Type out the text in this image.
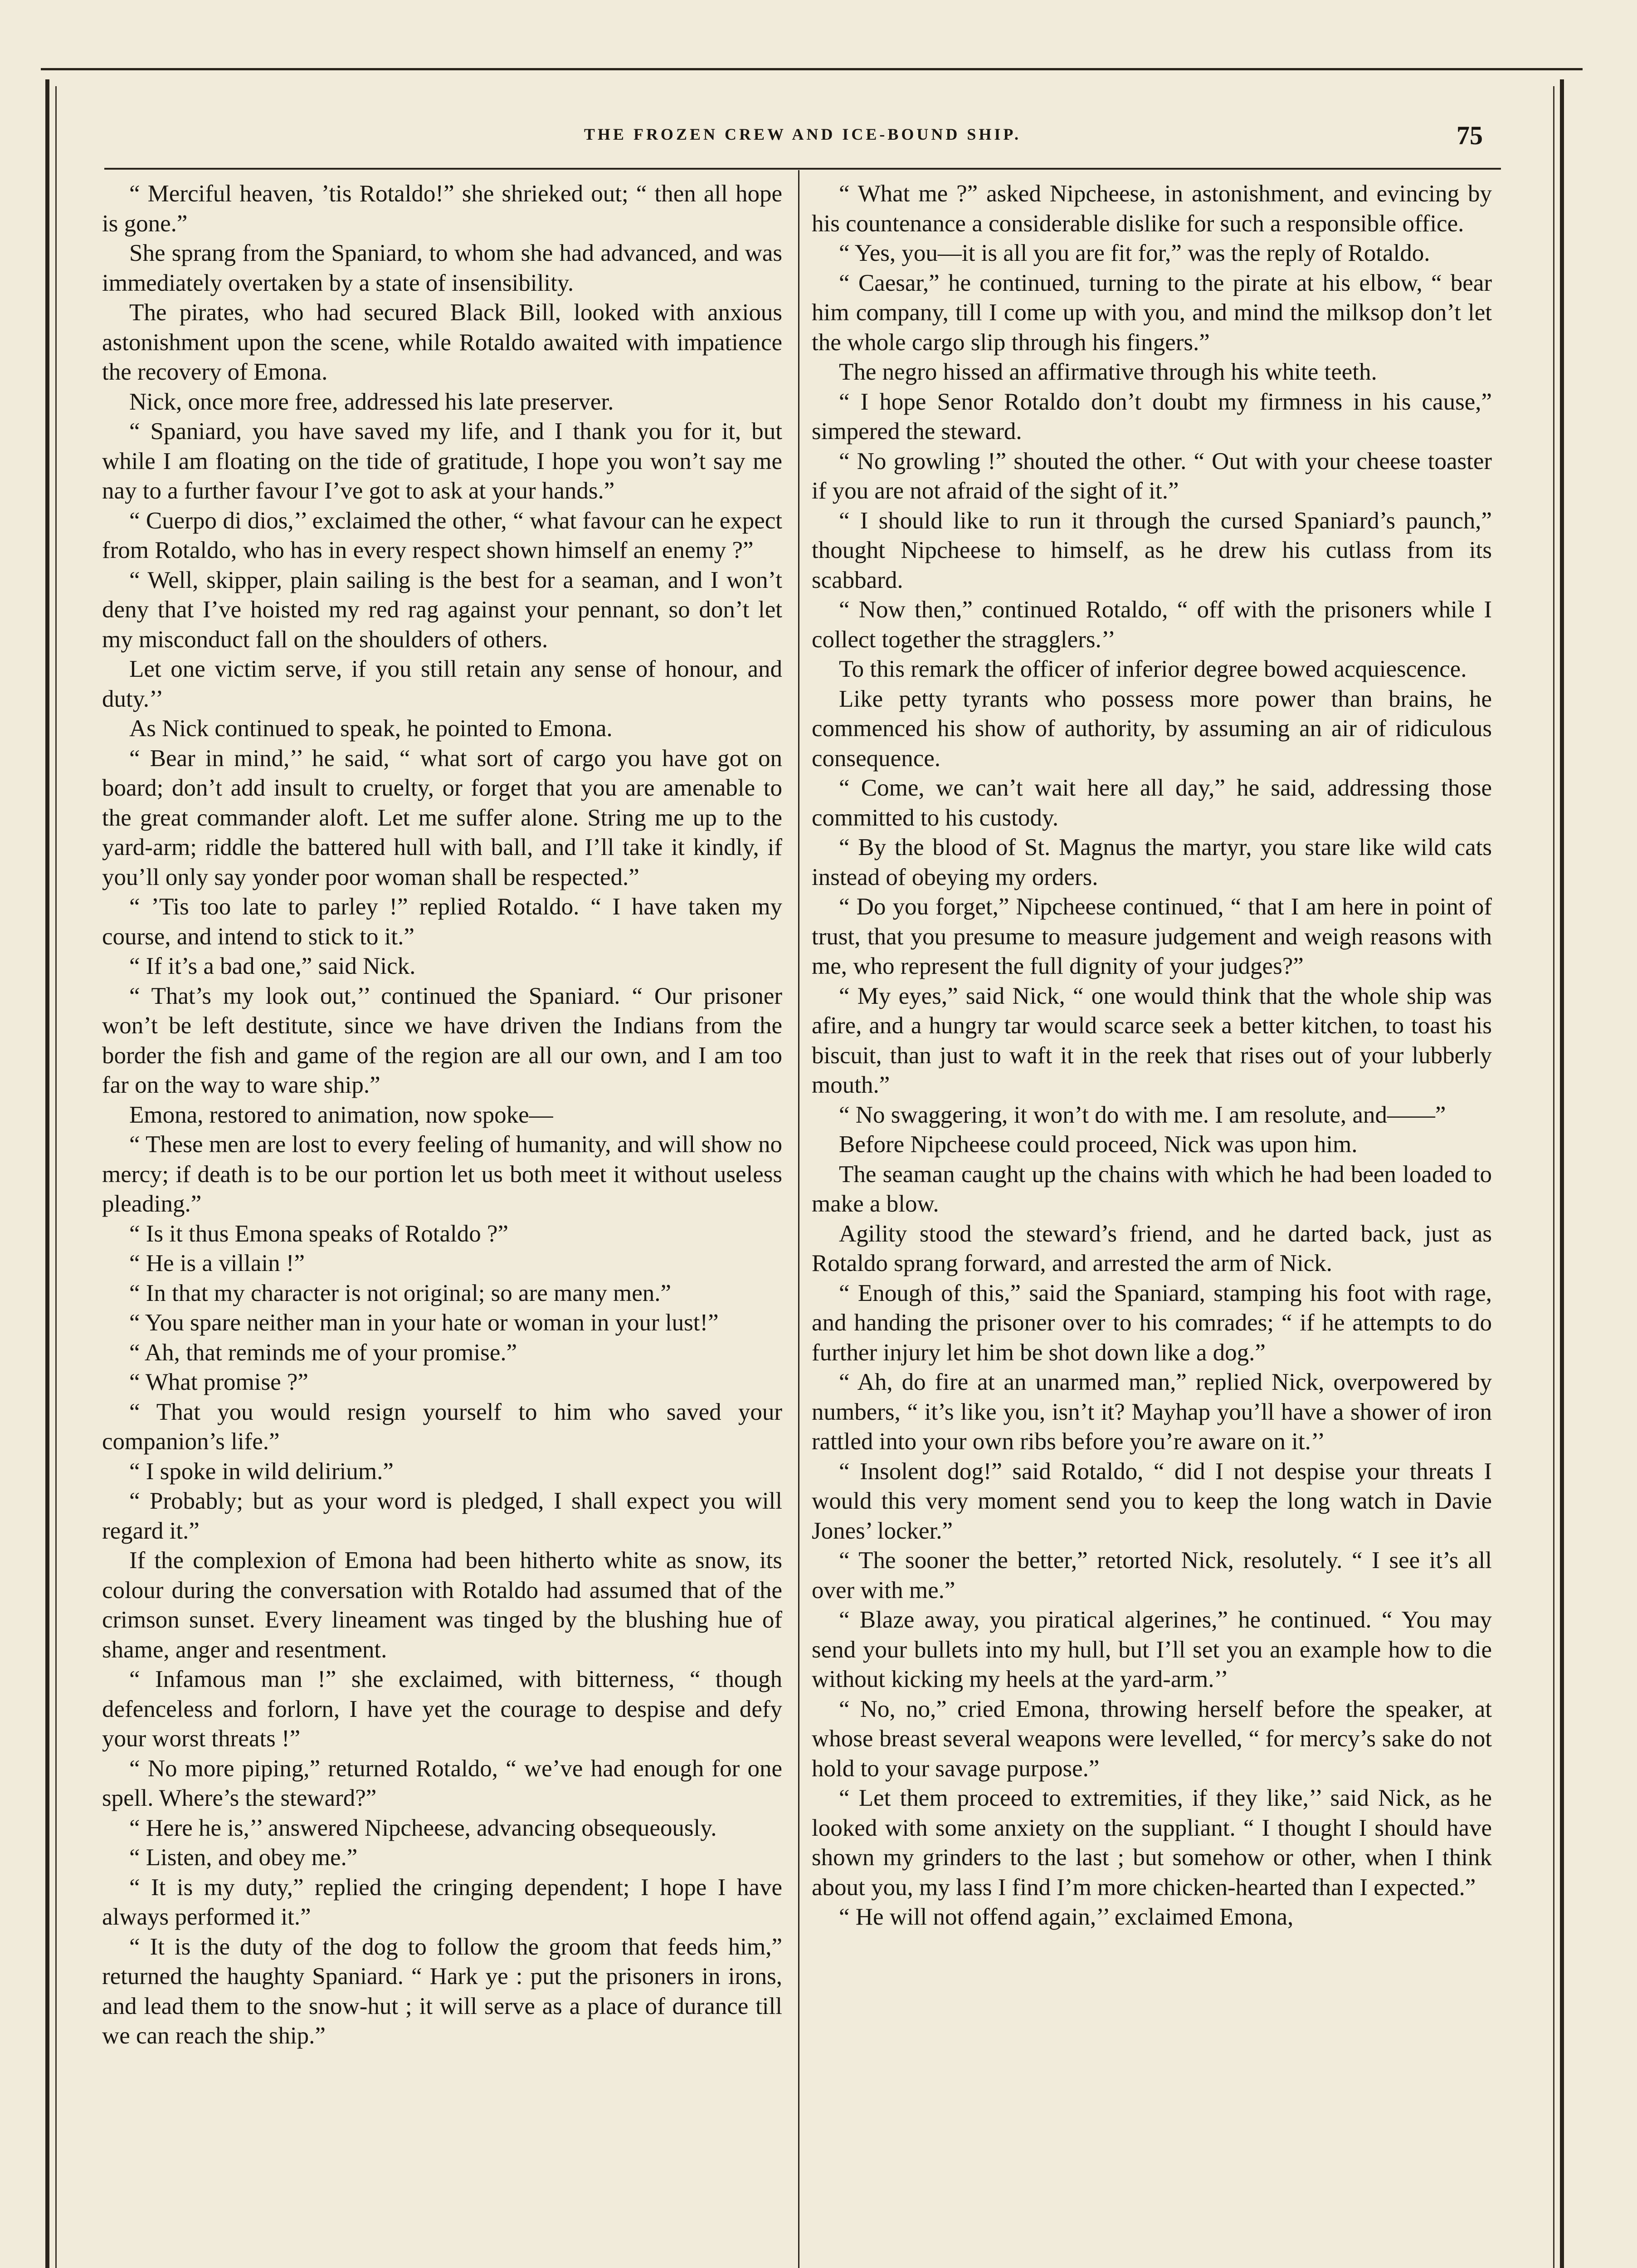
THE FROZEN CREW AND ICE-BOUND SHIP.	75

“ Merciful heaven, ’tis Rotaldo!” she shrieked out; “ then all hope is gone.”

She sprang from the Spaniard, to whom she had advanced, and was immediately overtaken by a state of insensibility.

The pirates, who had secured Black Bill, looked with anxious astonishment upon the scene, while Rotaldo awaited with impatience the recovery of Emona.

Nick, once more free, addressed his late preserver.

“ Spaniard, you have saved my life, and I thank you for it, but while I am floating on the tide of gratitude, I hope you won’t say me nay to a further favour I’ve got to ask at your hands.”

“ Cuerpo di dios,’’ exclaimed the other, “ what favour can he expect from Rotaldo, who has in every respect shown himself an enemy ?”

“ Well, skipper, plain sailing is the best for a seaman, and I won’t deny that I’ve hoisted my red rag against your pennant, so don’t let my misconduct fall on the shoulders of others.

Let one victim serve, if you still retain any sense of honour, and duty.’’

As Nick continued to speak, he pointed to Emona.

“ Bear in mind,’’ he said, “ what sort of cargo you have got on board; don’t add insult to cruelty, or forget that you are amenable to the great commander aloft. Let me suffer alone. String me up to the yard-arm; riddle the battered hull with ball, and I’ll take it kindly, if you’ll only say yonder poor woman shall be respected.”

“ ’Tis too late to parley !” replied Rotaldo. “ I have taken my course, and intend to stick to it.”

“ If it’s a bad one,” said Nick.

“ That’s my look out,’’ continued the Spaniard. “ Our prisoner won’t be left destitute, since we have driven the Indians from the border the fish and game of the region are all our own, and I am too far on the way to ware ship.”

Emona, restored to animation, now spoke—

“ These men are lost to every feeling of humanity, and will show no mercy; if death is to be our portion let us both meet it without useless pleading.”

“ Is it thus Emona speaks of Rotaldo ?”

“ He is a villain !”

“ In that my character is not original; so are many men.”

“ You spare neither man in your hate or woman in your lust!”

“ Ah, that reminds me of your promise.”

“ What promise ?”

“ That you would resign yourself to him who saved your companion’s life.”

“ I spoke in wild delirium.”

“ Probably; but as your word is pledged, I shall expect you will regard it.”

If the complexion of Emona had been hitherto white as snow, its colour during the conversation with Rotaldo had assumed that of the crimson sunset. Every lineament was tinged by the blushing hue of shame, anger and resentment.

“ Infamous man !” she exclaimed, with bitterness, “ though defenceless and forlorn, I have yet the courage to despise and defy your worst threats !”

“ No more piping,” returned Rotaldo, “ we’ve had enough for one spell. Where’s the steward?”

“ Here he is,’’ answered Nipcheese, advancing obsequeously.

“ Listen, and obey me.”

“ It is my duty,” replied the cringing dependent; I hope I have always performed it.”

“ It is the duty of the dog to follow the groom that feeds him,” returned the haughty Spaniard. “ Hark ye : put the prisoners in irons, and lead them to the snow-hut ; it will serve as a place of durance till we can reach the ship.”

“ What me ?” asked Nipcheese, in astonishment, and evincing by his countenance a considerable dislike for such a responsible office.

“ Yes, you—it is all you are fit for,” was the reply of Rotaldo.

“ Caesar,” he continued, turning to the pirate at his elbow, “ bear him company, till I come up with you, and mind the milksop don’t let the whole cargo slip through his fingers.”

The negro hissed an affirmative through his white teeth.

“ I hope Senor Rotaldo don’t doubt my firmness in his cause,” simpered the steward.

“ No growling !” shouted the other. “ Out with your cheese toaster if you are not afraid of the sight of it.”

“ I should like to run it through the cursed Spaniard’s paunch,” thought Nipcheese to himself, as he drew his cutlass from its scabbard.

“ Now then,” continued Rotaldo, “ off with the prisoners while I collect together the stragglers.’’

To this remark the officer of inferior degree bowed acquiescence.

Like petty tyrants who possess more power than brains, he commenced his show of authority, by assuming an air of ridiculous consequence.

“ Come, we can’t wait here all day,” he said, addressing those committed to his custody.

“ By the blood of St. Magnus the martyr, you stare like wild cats instead of obeying my orders.

“ Do you forget,” Nipcheese continued, “ that I am here in point of trust, that you presume to measure judgement and weigh reasons with me, who represent the full dignity of your judges?”

“ My eyes,” said Nick, “ one would think that the whole ship was afire, and a hungry tar would scarce seek a better kitchen, to toast his biscuit, than just to waft it in the reek that rises out of your lubberly mouth.”

“ No swaggering, it won’t do with me. I am resolute, and——”

Before Nipcheese could proceed, Nick was upon him.

The seaman caught up the chains with which he had been loaded to make a blow.

Agility stood the steward’s friend, and he darted back, just as Rotaldo sprang forward, and arrested the arm of Nick.

“ Enough of this,” said the Spaniard, stamping his foot with rage, and handing the prisoner over to his comrades; “ if he attempts to do further injury let him be shot down like a dog.”

“ Ah, do fire at an unarmed man,” replied Nick, overpowered by numbers, “ it’s like you, isn’t it? Mayhap you’ll have a shower of iron rattled into your own ribs before you’re aware on it.’’

“ Insolent dog!” said Rotaldo, “ did I not despise your threats I would this very moment send you to keep the long watch in Davie Jones’ locker.”

“ The sooner the better,” retorted Nick, resolutely. “ I see it’s all over with me.”

“ Blaze away, you piratical algerines,” he continued. “ You may send your bullets into my hull, but I’ll set you an example how to die without kicking my heels at the yard-arm.’’

“ No, no,” cried Emona, throwing herself before the speaker, at whose breast several weapons were levelled, “ for mercy’s sake do not hold to your savage purpose.”

“ Let them proceed to extremities, if they like,’’ said Nick, as he looked with some anxiety on the suppliant. “ I thought I should have shown my grinders to the last ; but somehow or other, when I think about you, my lass I find I’m more chicken-hearted than I expected.”

“ He will not offend again,’’ exclaimed Emona,
